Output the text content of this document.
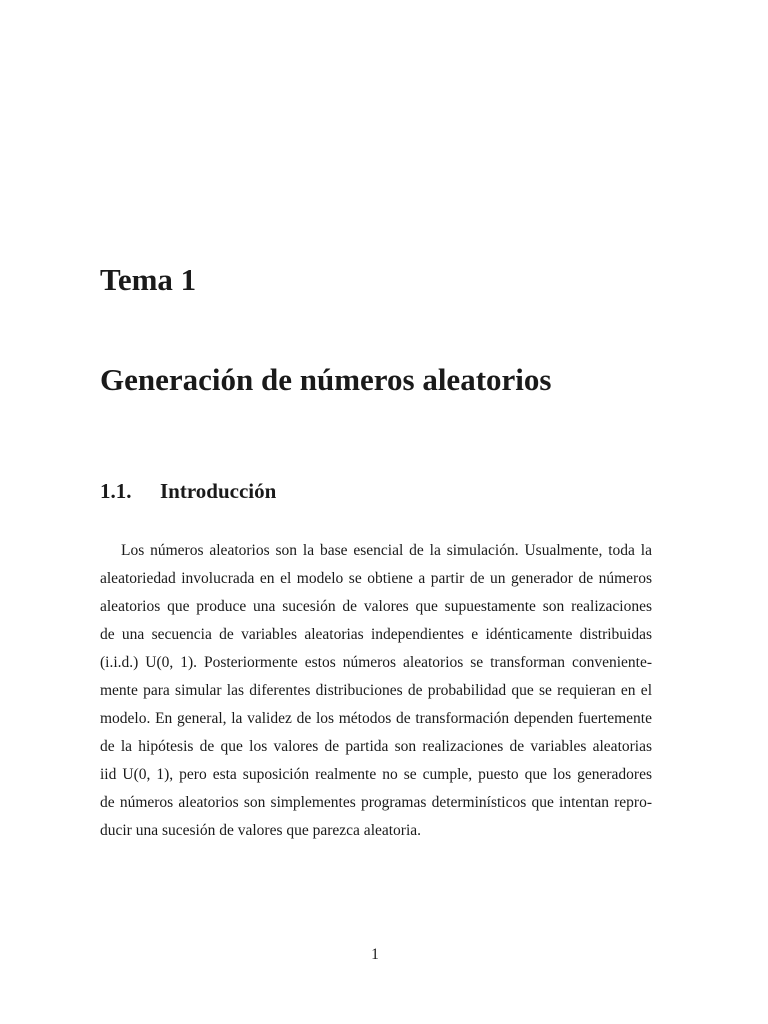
Tema 1
Generación de números aleatorios
1.1. Introducción
Los números aleatorios son la base esencial de la simulación. Usualmente, toda la
aleatoriedad involucrada en el modelo se obtiene a partir de un generador de números
aleatorios que produce una sucesión de valores que supuestamente son realizaciones
de una secuencia de variables aleatorias independientes e idénticamente distribuidas
(i.i.d.) U(0, 1). Posteriormente estos números aleatorios se transforman conveniente-
mente para simular las diferentes distribuciones de probabilidad que se requieran en el
modelo. En general, la validez de los métodos de transformación dependen fuertemente
de la hipótesis de que los valores de partida son realizaciones de variables aleatorias
iid U(0, 1), pero esta suposición realmente no se cumple, puesto que los generadores
de números aleatorios son simplementes programas determinísticos que intentan repro-
ducir una sucesión de valores que parezca aleatoria.

1
